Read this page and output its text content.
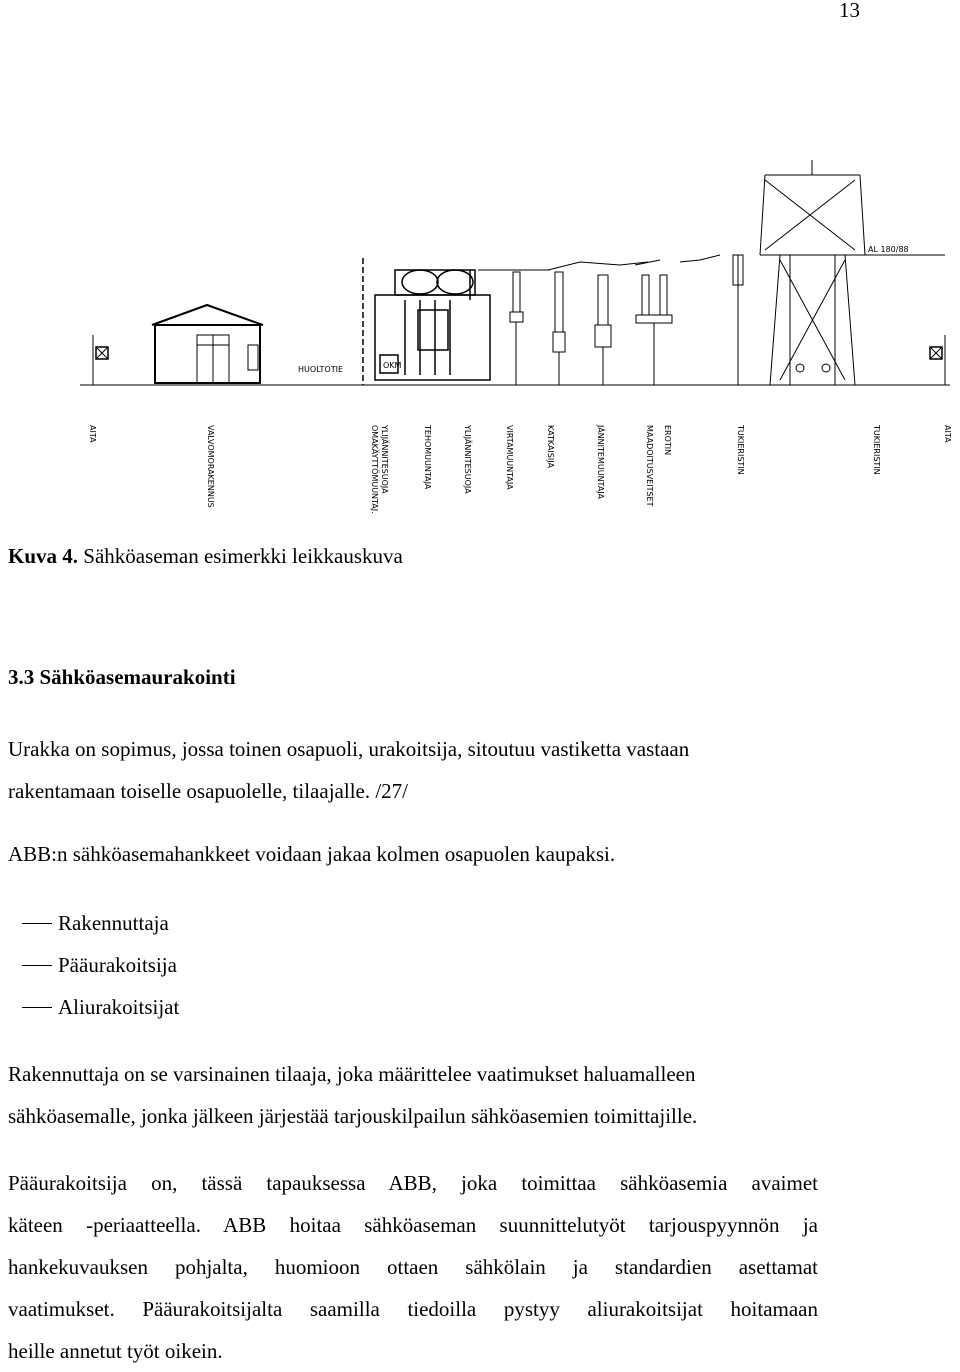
13
HUOLTOTIE	OKM
AL 180/88
AITA	VALVOMORAKENNUS	YLIJÄNNITESUOJA
OMAKÄYTTÖMUUNTAJ.	TEHOMUUNTAJA	YLIJÄNNITESUOJA	VIRTAMUUNTAJA	KATKAISIJA	JÄNNITEMUUNTAJA	EROTIN
MAADOITUSVEITSET	TUKIERISTIN	TUKIERISTIN	AITA
Kuva 4. Sähköaseman esimerkki leikkauskuva
3.3 Sähköasemaurakointi
Urakka on sopimus, jossa toinen osapuoli, urakoitsija, sitoutuu vastiketta vastaan
rakentamaan toiselle osapuolelle, tilaajalle. /27/
ABB:n sähköasemahankkeet voidaan jakaa kolmen osapuolen kaupaksi.
Rakennuttaja
Pääurakoitsija
Aliurakoitsijat
Rakennuttaja on se varsinainen tilaaja, joka määrittelee vaatimukset haluamalleen
sähköasemalle, jonka jälkeen järjestää tarjouskilpailun sähköasemien toimittajille.
Pääurakoitsija on, tässä tapauksessa ABB, joka toimittaa sähköasemia avaimet
käteen -periaatteella. ABB hoitaa sähköaseman suunnittelutyöt tarjouspyynnön ja
hankekuvauksen pohjalta, huomioon ottaen sähkölain ja standardien asettamat
vaatimukset. Pääurakoitsijalta saamilla tiedoilla pystyy aliurakoitsijat hoitamaan
heille annetut työt oikein.
